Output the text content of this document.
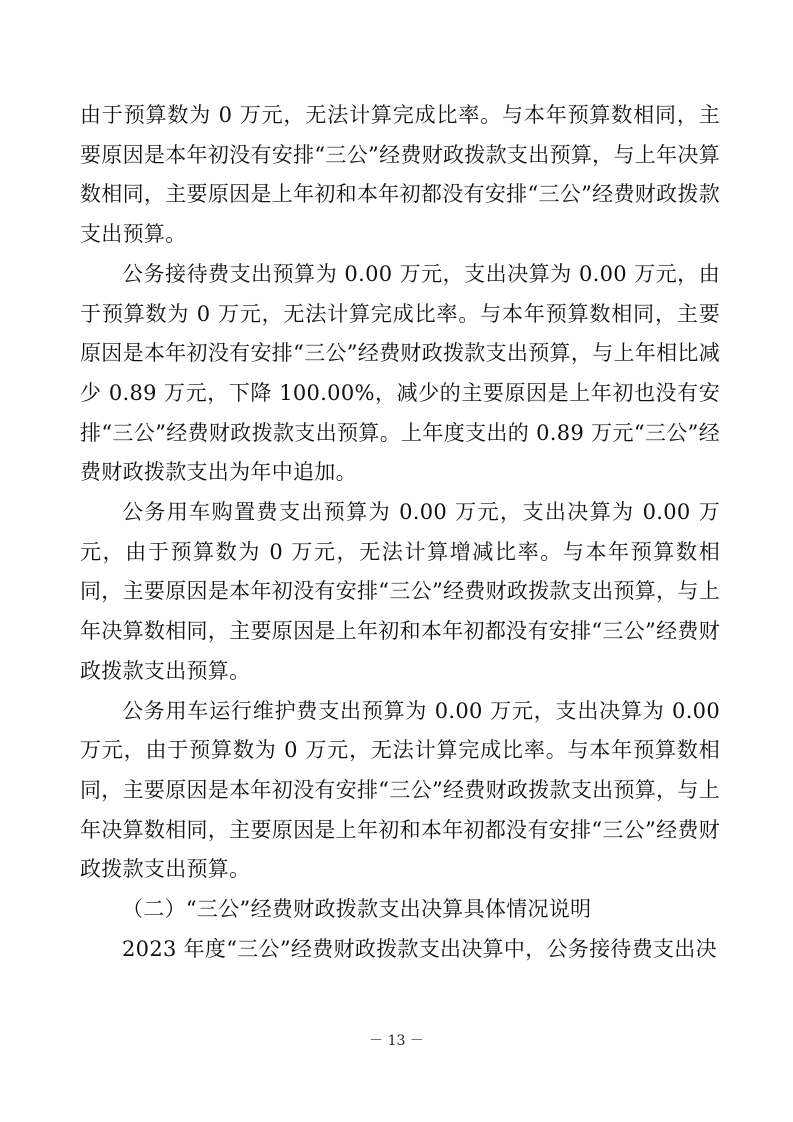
由于预算数为 0 万元，无法计算完成比率。与本年预算数相同，主要原因是本年初没有安排“三公”经费财政拨款支出预算，与上年决算数相同，主要原因是上年初和本年初都没有安排“三公”经费财政拨款支出预算。

公务接待费支出预算为 0.00 万元，支出决算为 0.00 万元，由于预算数为 0 万元，无法计算完成比率。与本年预算数相同，主要原因是本年初没有安排“三公”经费财政拨款支出预算，与上年相比减少 0.89 万元，下降 100.00%，减少的主要原因是上年初也没有安排“三公”经费财政拨款支出预算。上年度支出的 0.89 万元“三公”经费财政拨款支出为年中追加。

公务用车购置费支出预算为 0.00 万元，支出决算为 0.00 万元，由于预算数为 0 万元，无法计算增减比率。与本年预算数相同，主要原因是本年初没有安排“三公”经费财政拨款支出预算，与上年决算数相同，主要原因是上年初和本年初都没有安排“三公”经费财政拨款支出预算。

公务用车运行维护费支出预算为 0.00 万元，支出决算为 0.00 万元，由于预算数为 0 万元，无法计算完成比率。与本年预算数相同，主要原因是本年初没有安排“三公”经费财政拨款支出预算，与上年决算数相同，主要原因是上年初和本年初都没有安排“三公”经费财政拨款支出预算。

（二）“三公”经费财政拨款支出决算具体情况说明

2023 年度“三公”经费财政拨款支出决算中，公务接待费支出决

－ 13 －
